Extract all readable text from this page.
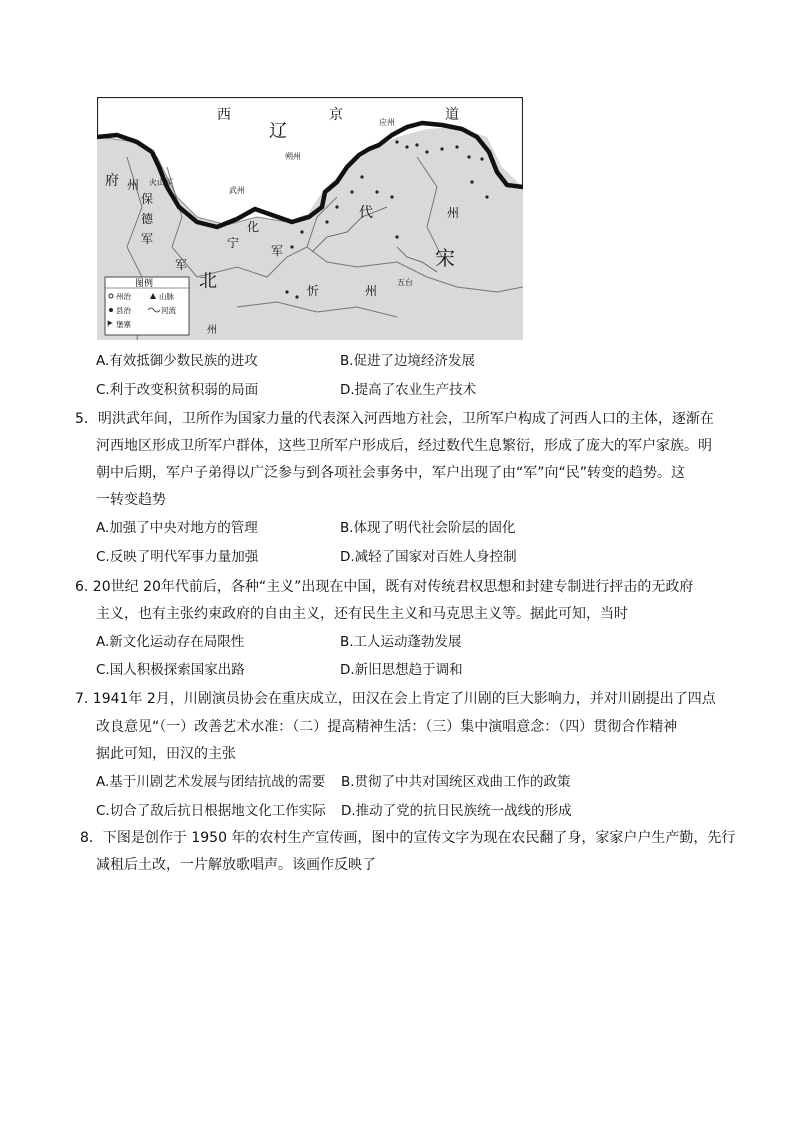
西	京	道
辽
府 州
保
德
军
火山军
军
北
宁
化
军
忻	州
代	州
宋
五台
应州
朔州
武州
州
图例
州治	山脉
县治	河流
堡寨
A.有效抵御少数民族的进攻	B.促进了边境经济发展
C.利于改变积贫积弱的局面	D.提高了农业生产技术
5．明洪武年间，卫所作为国家力量的代表深入河西地方社会，卫所军户构成了河西人口的主体，逐渐在
河西地区形成卫所军户群体，这些卫所军户形成后，经过数代生息繁衍，形成了庞大的军户家族。明
朝中后期，军户子弟得以广泛参与到各项社会事务中，军户出现了由“军”向“民”转变的趋势。这
一转变趋势
A.加强了中央对地方的管理	B.体现了明代社会阶层的固化
C.反映了明代军事力量加强	D.减轻了国家对百姓人身控制
6. 20世纪 20年代前后，各种“主义”出现在中国，既有对传统君权思想和封建专制进行抨击的无政府
主义，也有主张约束政府的自由主义，还有民生主义和马克思主义等。据此可知，当时
A.新文化运动存在局限性	B.工人运动蓬勃发展
C.国人积极探索国家出路	D.新旧思想趋于调和
7. 1941年 2月，川剧演员协会在重庆成立，田汉在会上肯定了川剧的巨大影响力，并对川剧提出了四点
改良意见“（一）改善艺术水准：（二）提高精神生活：（三）集中演唱意念：（四）贯彻合作精神
据此可知，田汉的主张
A.基于川剧艺术发展与团结抗战的需要 B.贯彻了中共对国统区戏曲工作的政策
C.切合了敌后抗日根据地文化工作实际 D.推动了党的抗日民族统一战线的形成
8．下图是创作于 1950 年的农村生产宣传画，图中的宣传文字为现在农民翻了身，家家户户生产勤，先行
减租后土改，一片解放歌唱声。该画作反映了
